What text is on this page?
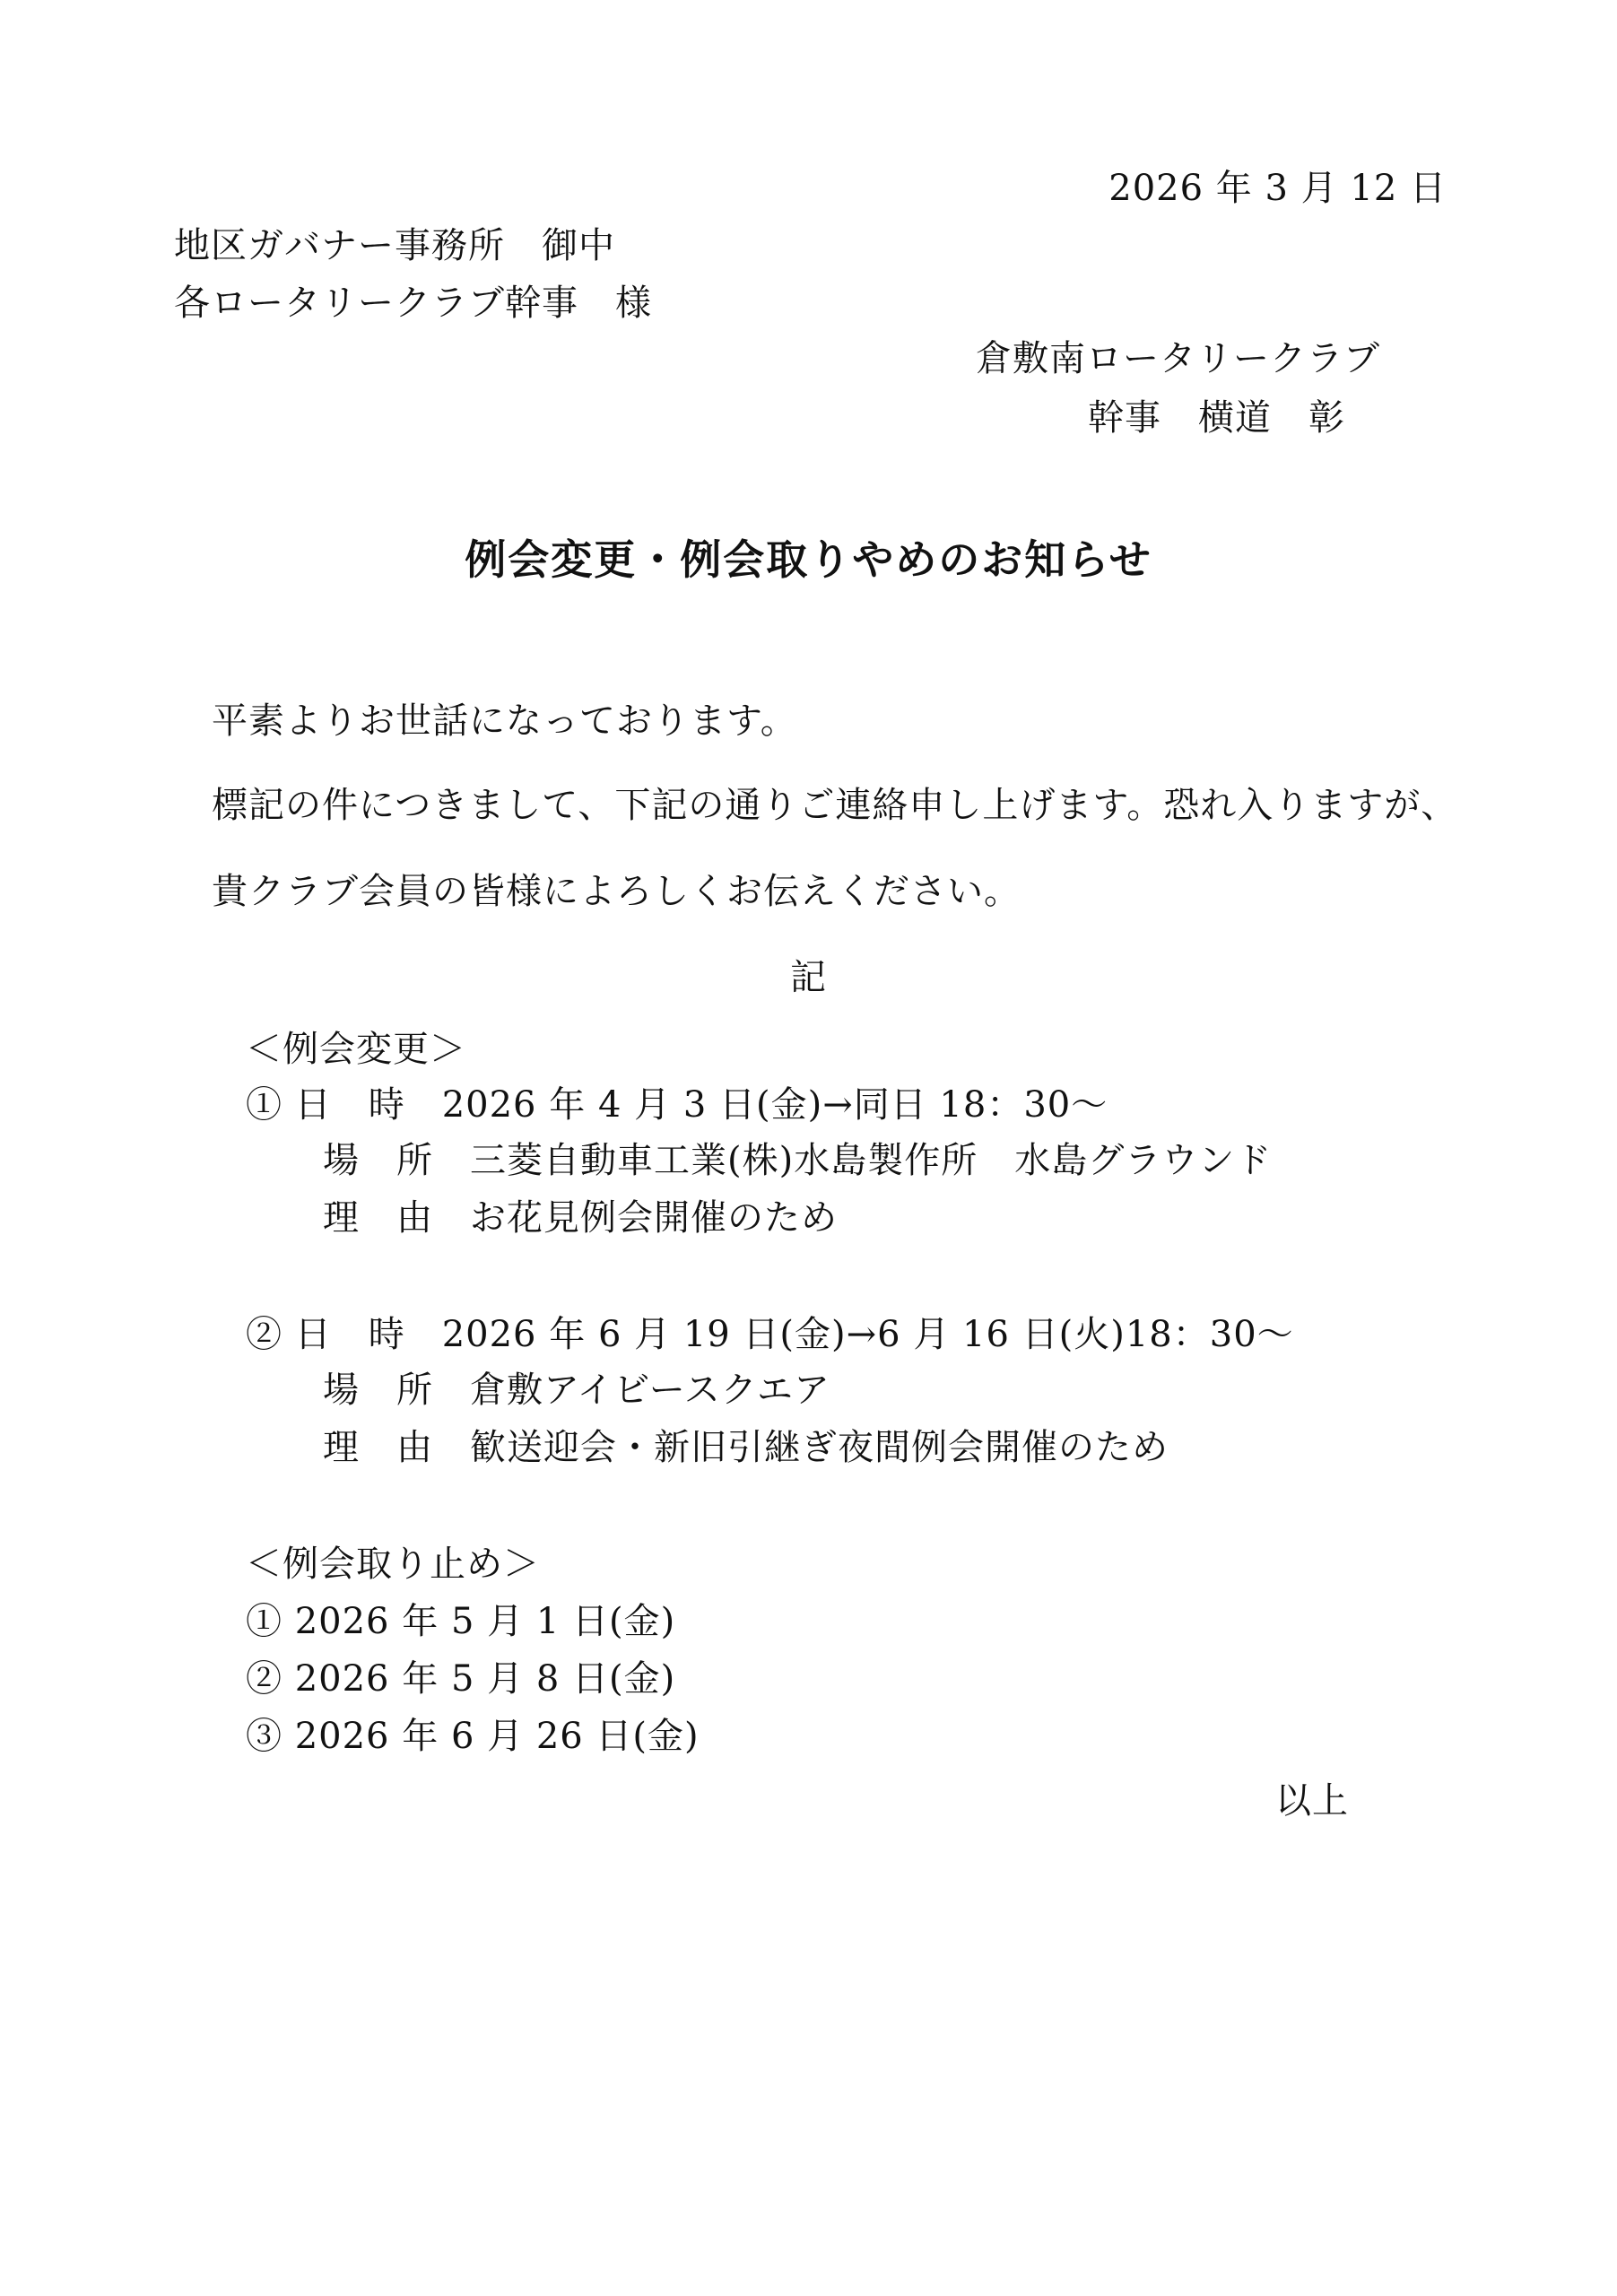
2026 年 3 月 12 日
地区ガバナー事務所　御中
各ロータリークラブ幹事　様
倉敷南ロータリークラブ
幹事　横道　彰
例会変更・例会取りやめのお知らせ
平素よりお世話になっております。
標記の件につきまして、下記の通りご連絡申し上げます。恐れ入りますが、
貴クラブ会員の皆様によろしくお伝えください。
記
＜例会変更＞
① 日　時　2026 年 4 月 3 日(金)→同日 18：30～
場　所　三菱自動車工業(株)水島製作所　水島グラウンド
理　由　お花見例会開催のため
② 日　時　2026 年 6 月 19 日(金)→6 月 16 日(火)18：30～
場　所　倉敷アイビースクエア
理　由　歓送迎会・新旧引継ぎ夜間例会開催のため
＜例会取り止め＞
① 2026 年 5 月 1 日(金)
② 2026 年 5 月 8 日(金)
③ 2026 年 6 月 26 日(金)
以上
